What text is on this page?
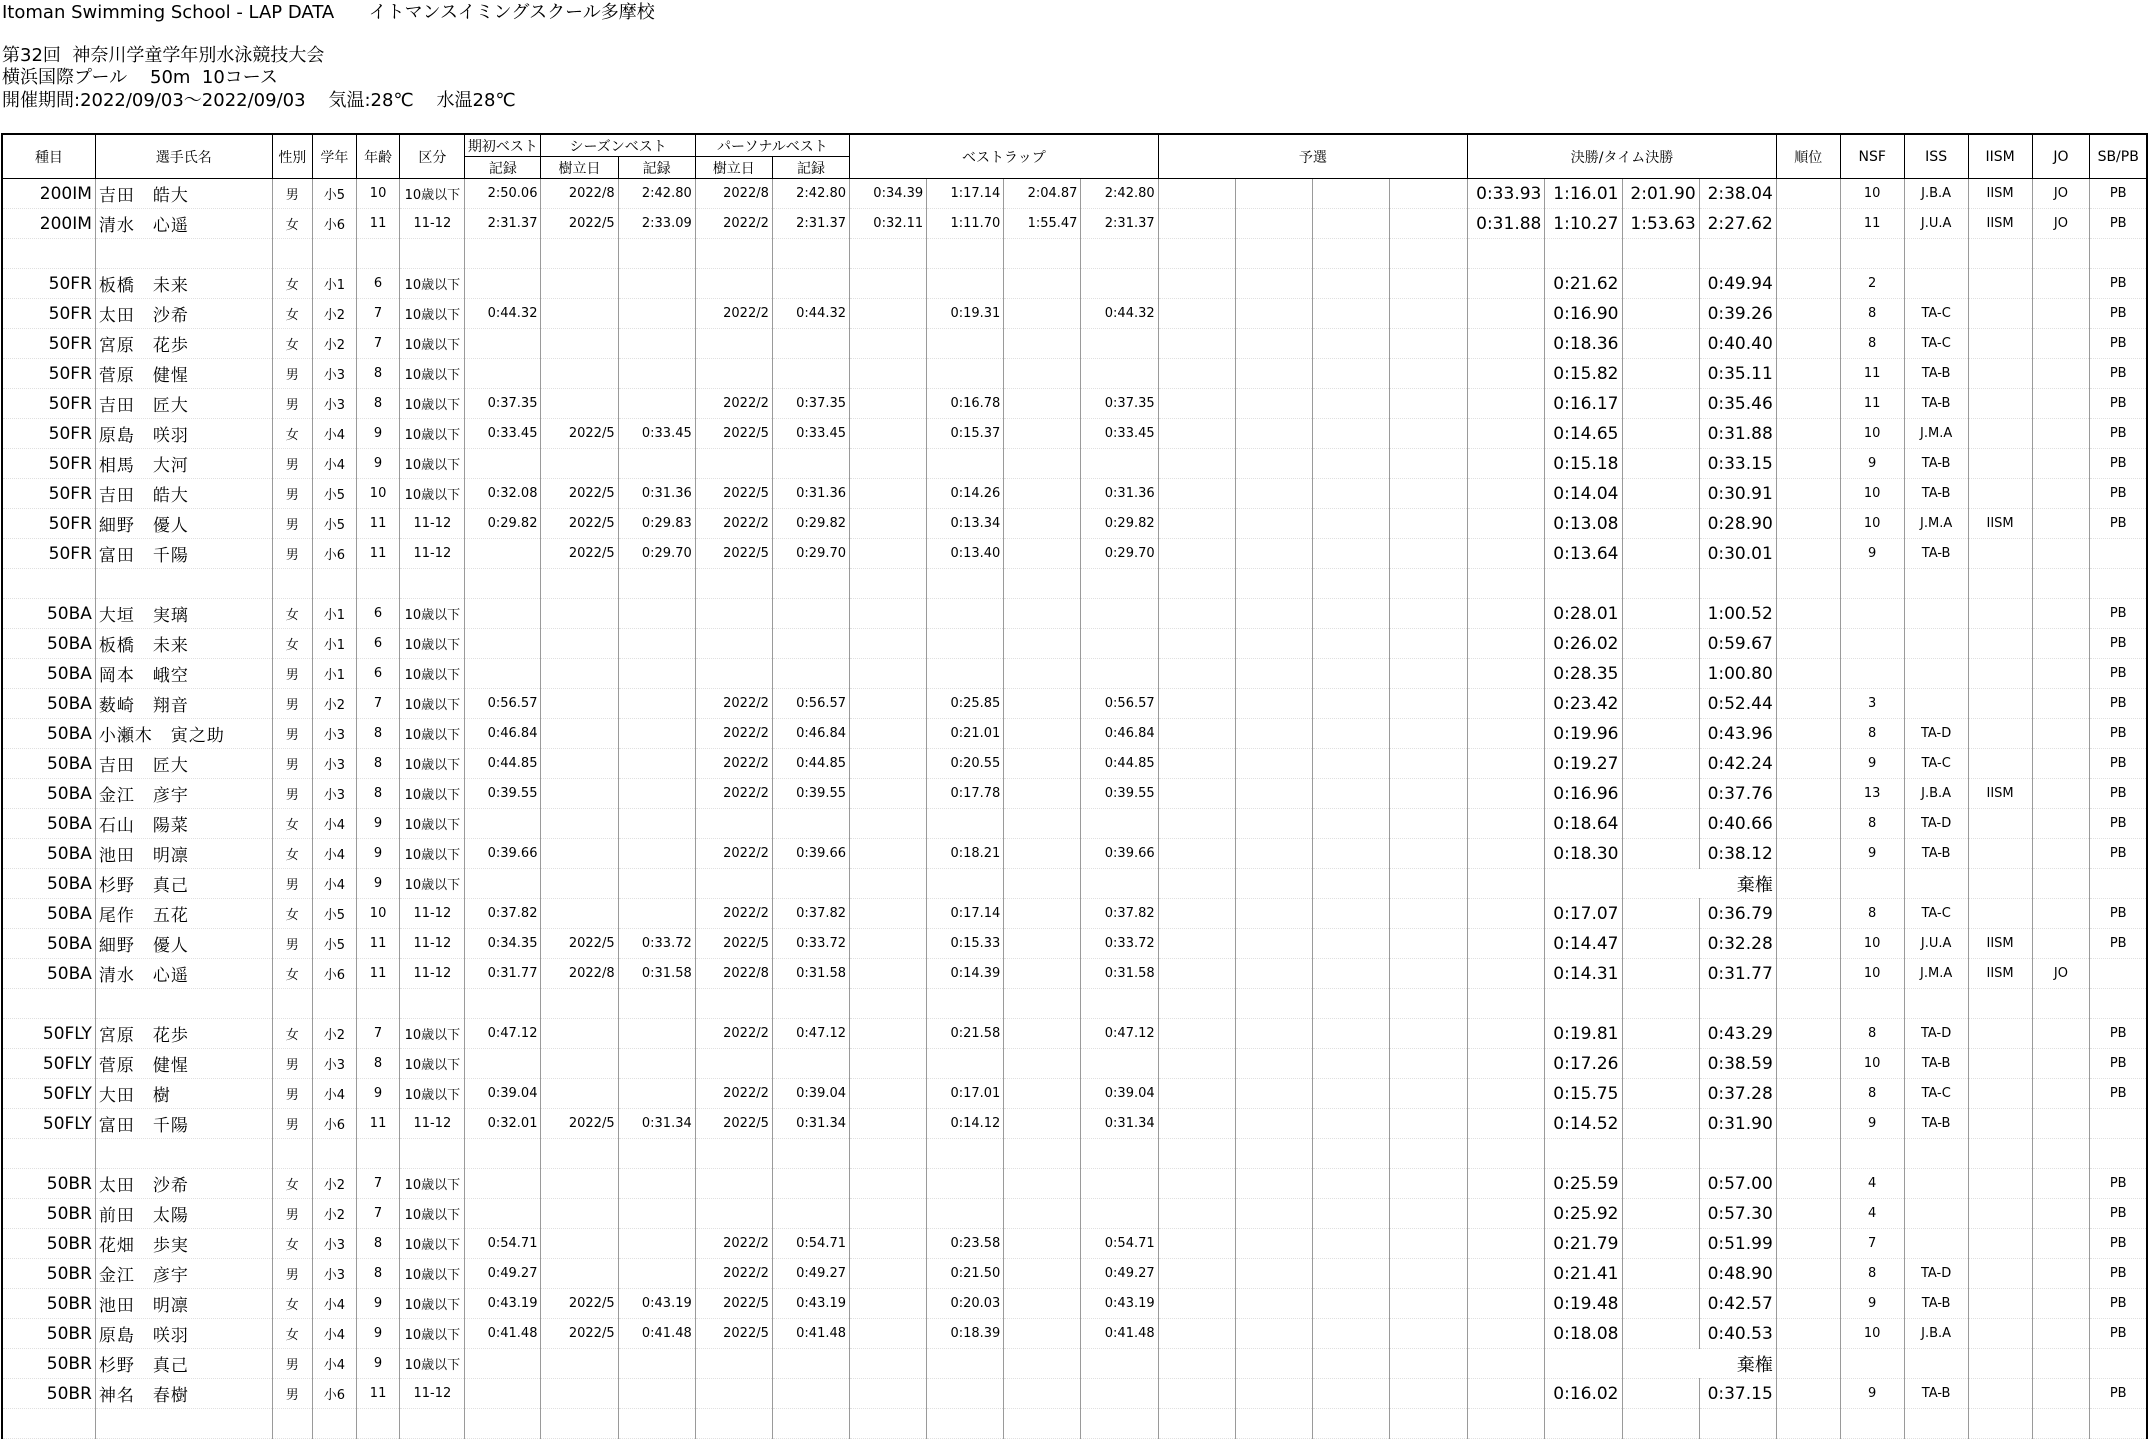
Itoman Swimming School - LAP DATA      イトマンスイミングスクール多摩校
第32回  神奈川学童学年別水泳競技大会
横浜国際プール    50m  10コース
開催期間:2022/09/03～2022/09/03    気温:28℃    水温28℃
種目	選手氏名	性別	学年	年齢	区分	期初ベスト	シーズンベスト		パーソナルベスト		ベストラップ				予選				決勝/タイム決勝				順位	NSF	ISS	IISM	JO	SB/PB
						記録	樹立日	記録	樹立日	記録																		
200IM	吉田　皓大	男	小5	10	10歳以下	2:50.06	2022/8	2:42.80	2022/8	2:42.80	0:34.39	1:17.14	2:04.87	2:42.80					0:33.93	1:16.01	2:01.90	2:38.04		10	J.B.A	IISM	JO	PB
200IM	清水　心遥	女	小6	11	11-12	2:31.37	2022/5	2:33.09	2022/2	2:31.37	0:32.11	1:11.70	1:55.47	2:31.37					0:31.88	1:10.27	1:53.63	2:27.62		11	J.U.A	IISM	JO	PB

50FR	板橋　未来	女	小1	6	10歳以下															0:21.62		0:49.94		2				PB
50FR	太田　沙希	女	小2	7	10歳以下	0:44.32			2022/2	0:44.32		0:19.31		0:44.32						0:16.90		0:39.26		8	TA-C			PB
50FR	宮原　花歩	女	小2	7	10歳以下															0:18.36		0:40.40		8	TA-C			PB
50FR	菅原　健惺	男	小3	8	10歳以下															0:15.82		0:35.11		11	TA-B			PB
50FR	吉田　匠大	男	小3	8	10歳以下	0:37.35			2022/2	0:37.35		0:16.78		0:37.35						0:16.17		0:35.46		11	TA-B			PB
50FR	原島　咲羽	女	小4	9	10歳以下	0:33.45	2022/5	0:33.45	2022/5	0:33.45		0:15.37		0:33.45						0:14.65		0:31.88		10	J.M.A			PB
50FR	相馬　大河	男	小4	9	10歳以下															0:15.18		0:33.15		9	TA-B			PB
50FR	吉田　皓大	男	小5	10	10歳以下	0:32.08	2022/5	0:31.36	2022/5	0:31.36		0:14.26		0:31.36						0:14.04		0:30.91		10	TA-B			PB
50FR	細野　優人	男	小5	11	11-12	0:29.82	2022/5	0:29.83	2022/2	0:29.82		0:13.34		0:29.82						0:13.08		0:28.90		10	J.M.A	IISM		PB
50FR	富田　千陽	男	小6	11	11-12		2022/5	0:29.70	2022/5	0:29.70		0:13.40		0:29.70						0:13.64		0:30.01		9	TA-B			

50BA	大垣　実璃	女	小1	6	10歳以下															0:28.01		1:00.52						PB
50BA	板橋　未来	女	小1	6	10歳以下															0:26.02		0:59.67						PB
50BA	岡本　峨空	男	小1	6	10歳以下															0:28.35		1:00.80						PB
50BA	薮崎　翔音	男	小2	7	10歳以下	0:56.57			2022/2	0:56.57		0:25.85		0:56.57						0:23.42		0:52.44		3				PB
50BA	小瀬木　寅之助	男	小3	8	10歳以下	0:46.84			2022/2	0:46.84		0:21.01		0:46.84						0:19.96		0:43.96		8	TA-D			PB
50BA	吉田　匠大	男	小3	8	10歳以下	0:44.85			2022/2	0:44.85		0:20.55		0:44.85						0:19.27		0:42.24		9	TA-C			PB
50BA	金江　彦宇	男	小3	8	10歳以下	0:39.55			2022/2	0:39.55		0:17.78		0:39.55						0:16.96		0:37.76		13	J.B.A	IISM		PB
50BA	石山　陽菜	女	小4	9	10歳以下															0:18.64		0:40.66		8	TA-D			PB
50BA	池田　明凛	女	小4	9	10歳以下	0:39.66			2022/2	0:39.66		0:18.21		0:39.66						0:18.30		0:38.12		9	TA-B			PB
50BA	杉野　真己	男	小4	9	10歳以下																棄権							
50BA	尾作　五花	女	小5	10	11-12	0:37.82			2022/2	0:37.82		0:17.14		0:37.82						0:17.07		0:36.79		8	TA-C			PB
50BA	細野　優人	男	小5	11	11-12	0:34.35	2022/5	0:33.72	2022/5	0:33.72		0:15.33		0:33.72						0:14.47		0:32.28		10	J.U.A	IISM		PB
50BA	清水　心遥	女	小6	11	11-12	0:31.77	2022/8	0:31.58	2022/8	0:31.58		0:14.39		0:31.58						0:14.31		0:31.77		10	J.M.A	IISM	JO	

50FLY	宮原　花歩	女	小2	7	10歳以下	0:47.12			2022/2	0:47.12		0:21.58		0:47.12						0:19.81		0:43.29		8	TA-D			PB
50FLY	菅原　健惺	男	小3	8	10歳以下															0:17.26		0:38.59		10	TA-B			PB
50FLY	大田　樹	男	小4	9	10歳以下	0:39.04			2022/2	0:39.04		0:17.01		0:39.04						0:15.75		0:37.28		8	TA-C			PB
50FLY	富田　千陽	男	小6	11	11-12	0:32.01	2022/5	0:31.34	2022/5	0:31.34		0:14.12		0:31.34						0:14.52		0:31.90		9	TA-B			

50BR	太田　沙希	女	小2	7	10歳以下															0:25.59		0:57.00		4				PB
50BR	前田　太陽	男	小2	7	10歳以下															0:25.92		0:57.30		4				PB
50BR	花畑　歩実	女	小3	8	10歳以下	0:54.71			2022/2	0:54.71		0:23.58		0:54.71						0:21.79		0:51.99		7				PB
50BR	金江　彦宇	男	小3	8	10歳以下	0:49.27			2022/2	0:49.27		0:21.50		0:49.27						0:21.41		0:48.90		8	TA-D			PB
50BR	池田　明凛	女	小4	9	10歳以下	0:43.19	2022/5	0:43.19	2022/5	0:43.19		0:20.03		0:43.19						0:19.48		0:42.57		9	TA-B			PB
50BR	原島　咲羽	女	小4	9	10歳以下	0:41.48	2022/5	0:41.48	2022/5	0:41.48		0:18.39		0:41.48						0:18.08		0:40.53		10	J.B.A			PB
50BR	杉野　真己	男	小4	9	10歳以下																棄権							
50BR	神名　春樹	男	小6	11	11-12															0:16.02		0:37.15		9	TA-B			PB
